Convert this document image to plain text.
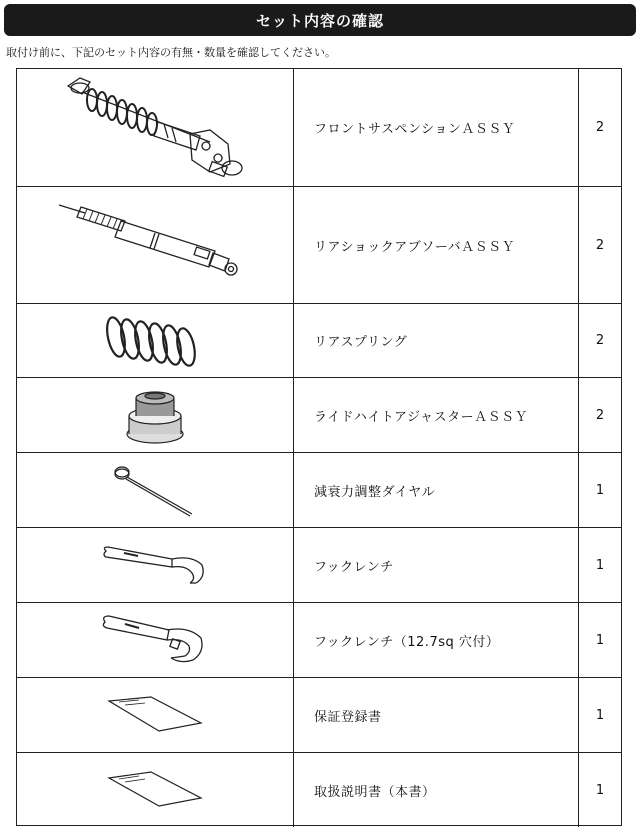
セット内容の確認
取付け前に、下記のセット内容の有無・数量を確認してください。
フロントサスペンションＡＳＳＹ	2
リアショックアブソーバＡＳＳＹ	2
リアスプリング	2
ライドハイトアジャスターＡＳＳＹ	2
減衰力調整ダイヤル	1
フックレンチ	1
フックレンチ（12.7sq 穴付）	1
保証登録書	1
取扱説明書（本書）	1
